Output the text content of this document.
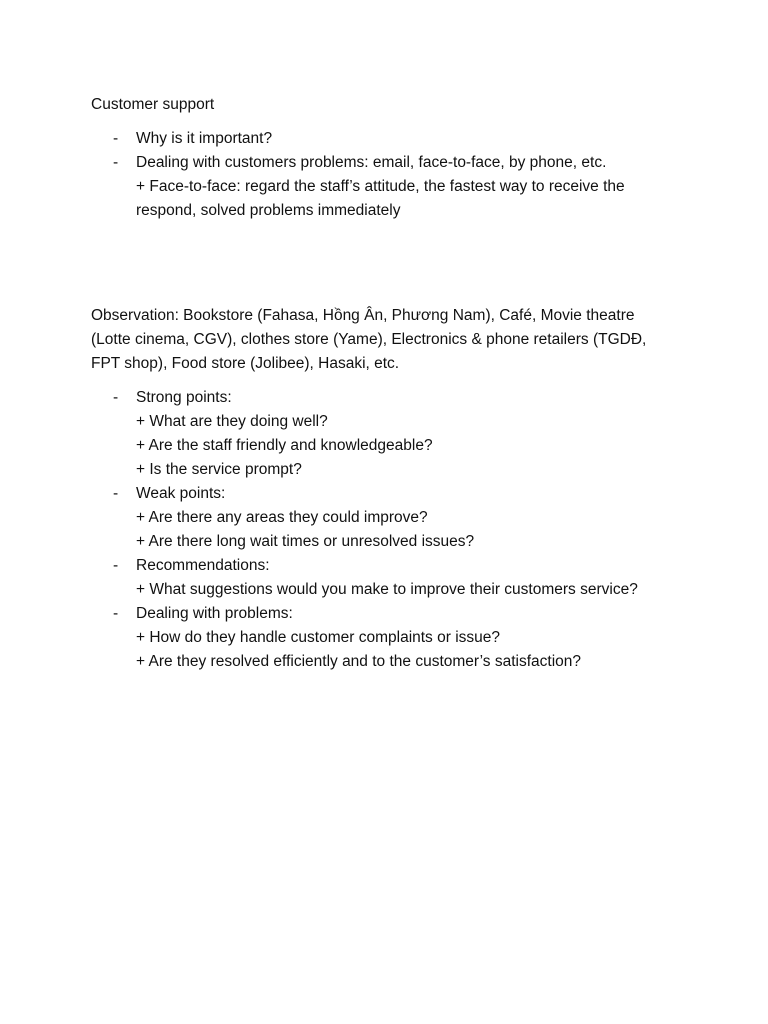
Customer support

- Why is it important?
- Dealing with customers problems: email, face-to-face, by phone, etc.
+ Face-to-face: regard the staff’s attitude, the fastest way to receive the
respond, solved problems immediately

Observation: Bookstore (Fahasa, Hồng Ân, Phương Nam), Café, Movie theatre
(Lotte cinema, CGV), clothes store (Yame), Electronics & phone retailers (TGDĐ,
FPT shop), Food store (Jolibee), Hasaki, etc.

- Strong points:
+ What are they doing well?
+ Are the staff friendly and knowledgeable?
+ Is the service prompt?
- Weak points:
+ Are there any areas they could improve?
+ Are there long wait times or unresolved issues?
- Recommendations:
+ What suggestions would you make to improve their customers service?
- Dealing with problems:
+ How do they handle customer complaints or issue?
+ Are they resolved efficiently and to the customer’s satisfaction?
